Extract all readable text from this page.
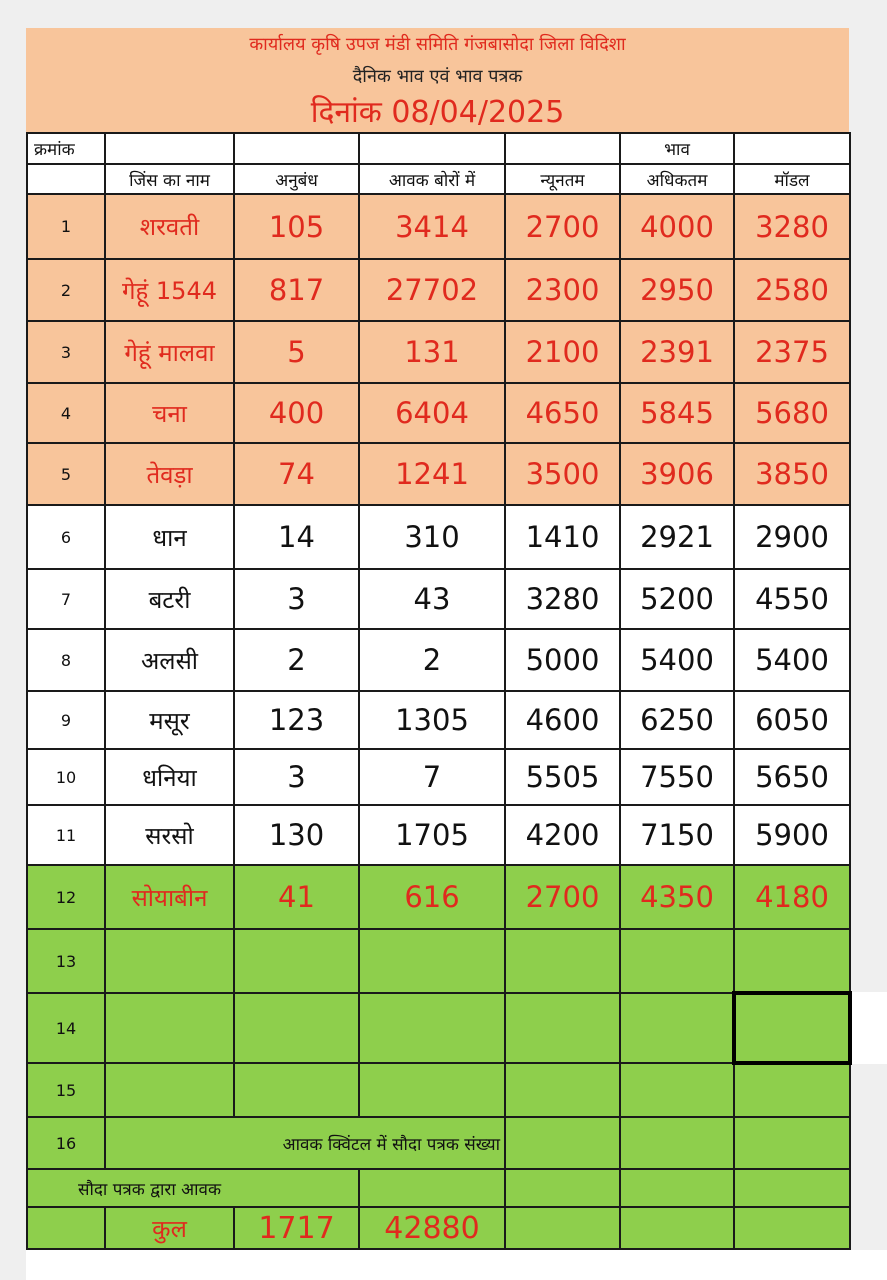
कार्यालय कृषि उपज मंडी समिति गंजबासोदा जिला विदिशा
दैनिक भाव एवं भाव पत्रक
दिनांक 08/04/2025
क्रमांक					भाव	
	जिंस का नाम	अनुबंध	आवक बोरों में	न्यूनतम	अधिकतम	मॉडल
1	शरवती	105	3414	2700	4000	3280
2	गेहूं 1544	817	27702	2300	2950	2580
3	गेहूं मालवा	5	131	2100	2391	2375
4	चना	400	6404	4650	5845	5680
5	तेवड़ा	74	1241	3500	3906	3850
6	धान	14	310	1410	2921	2900
7	बटरी	3	43	3280	5200	4550
8	अलसी	2	2	5000	5400	5400
9	मसूर	123	1305	4600	6250	6050
10	धनिया	3	7	5505	7550	5650
11	सरसो	130	1705	4200	7150	5900
12	सोयाबीन	41	616	2700	4350	4180
13						
14						
15						
16	आवक क्विंटल में सौदा पत्रक संख्या					
सौदा पत्रक द्वारा आवक						
	कुल	1717	42880			
